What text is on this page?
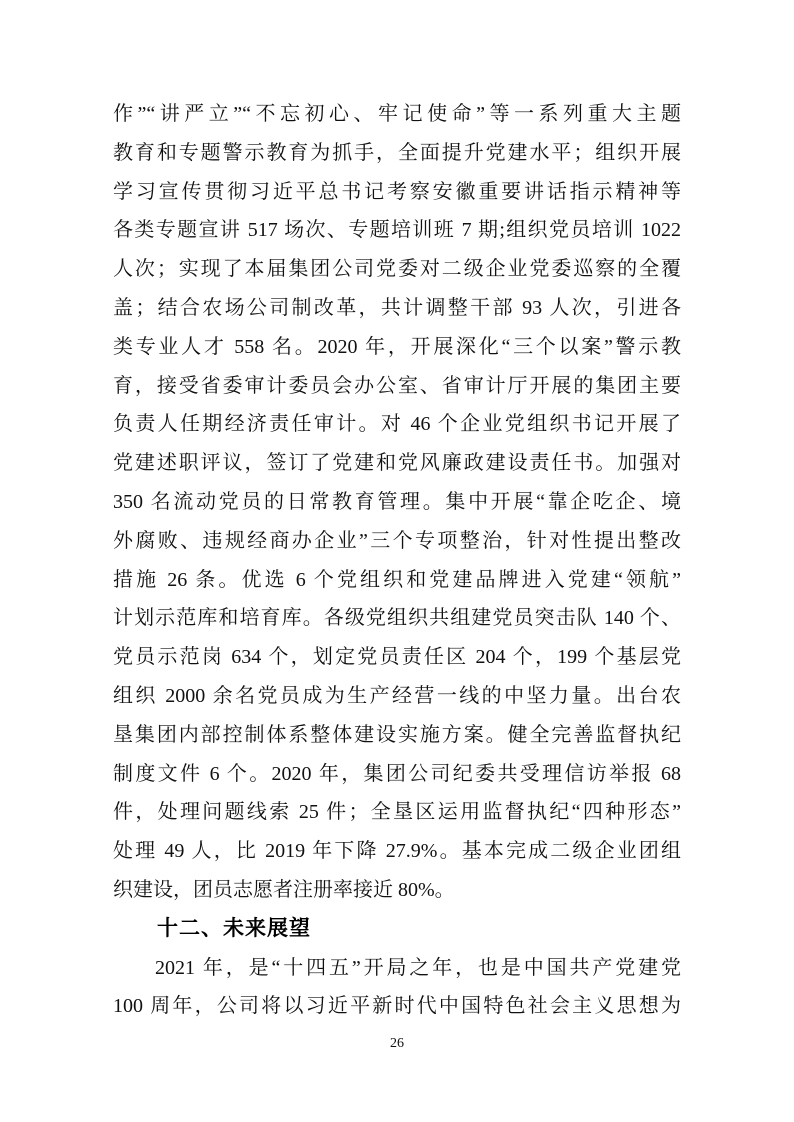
作”“讲严立”“不忘初心、牢记使命”等一系列重大主题
教育和专题警示教育为抓手，全面提升党建水平；组织开展
学习宣传贯彻习近平总书记考察安徽重要讲话指示精神等
各类专题宣讲 517 场次、专题培训班 7 期;组织党员培训 1022
人次；实现了本届集团公司党委对二级企业党委巡察的全覆
盖；结合农场公司制改革，共计调整干部 93 人次，引进各
类专业人才 558 名。2020 年，开展深化“三个以案”警示教
育，接受省委审计委员会办公室、省审计厅开展的集团主要
负责人任期经济责任审计。对 46 个企业党组织书记开展了
党建述职评议，签订了党建和党风廉政建设责任书。加强对
350 名流动党员的日常教育管理。集中开展“靠企吃企、境
外腐败、违规经商办企业”三个专项整治，针对性提出整改
措施 26 条。优选 6 个党组织和党建品牌进入党建“领航”
计划示范库和培育库。各级党组织共组建党员突击队 140 个、
党员示范岗 634 个，划定党员责任区 204 个，199 个基层党
组织 2000 余名党员成为生产经营一线的中坚力量。出台农
垦集团内部控制体系整体建设实施方案。健全完善监督执纪
制度文件 6 个。2020 年，集团公司纪委共受理信访举报 68
件，处理问题线索 25 件；全垦区运用监督执纪“四种形态”
处理 49 人，比 2019 年下降 27.9%。基本完成二级企业团组
织建设，团员志愿者注册率接近 80%。
十二、未来展望
2021 年，是“十四五”开局之年，也是中国共产党建党
100 周年，公司将以习近平新时代中国特色社会主义思想为
26
